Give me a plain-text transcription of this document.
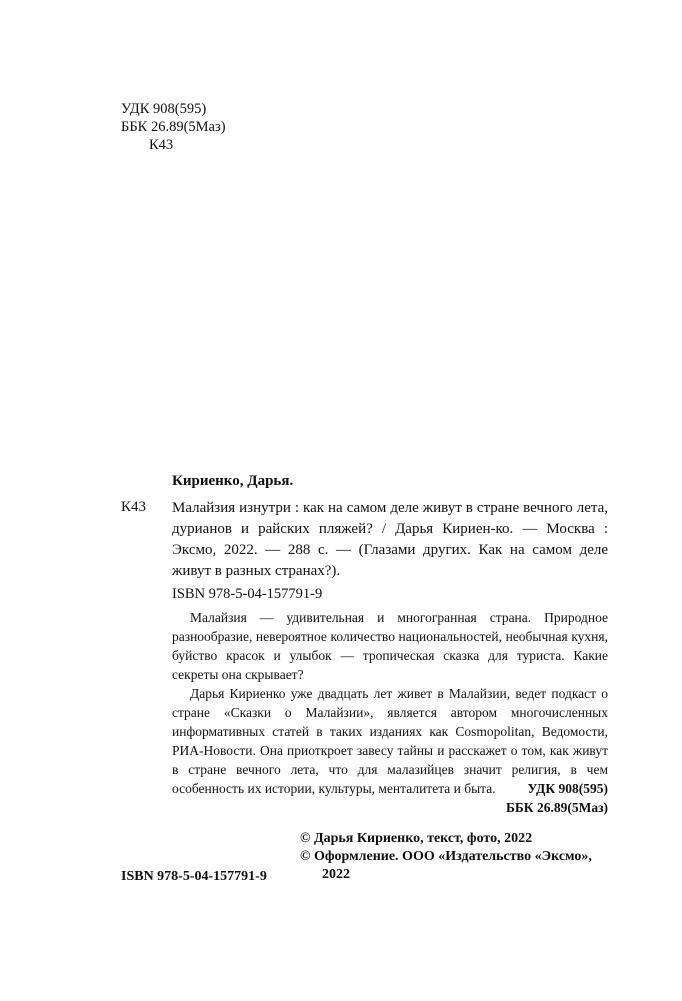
УДК 908(595)
ББК 26.89(5Маз)
К43
Кириенко, Дарья.
К43 Малайзия изнутри : как на самом деле живут в стране вечного лета, дурианов и райских пляжей? / Дарья Кириен-ко. — Москва : Эксмо, 2022. — 288 с. — (Глазами других. Как на самом деле живут в разных странах?).
ISBN 978-5-04-157791-9

Малайзия — удивительная и многогранная страна. Природное разнообразие, невероятное количество национальностей, необычная кухня, буйство красок и улыбок — тропическая сказка для туриста. Какие секреты она скрывает?

Дарья Кириенко уже двадцать лет живет в Малайзии, ведет подкаст о стране «Сказки о Малайзии», является автором многочисленных информативных статей в таких изданиях как Cosmopolitan, Ведомости, РИА-Новости. Она приоткроет завесу тайны и расскажет о том, как живут в стране вечного лета, что для малазийцев значит религия, в чем особенность их истории, культуры, менталитета и быта.	УДК 908(595)
ББК 26.89(5Маз)
© Дарья Кириенко, текст, фото, 2022
© Оформление. ООО «Издательство «Эксмо», 2022
ISBN 978-5-04-157791-9
